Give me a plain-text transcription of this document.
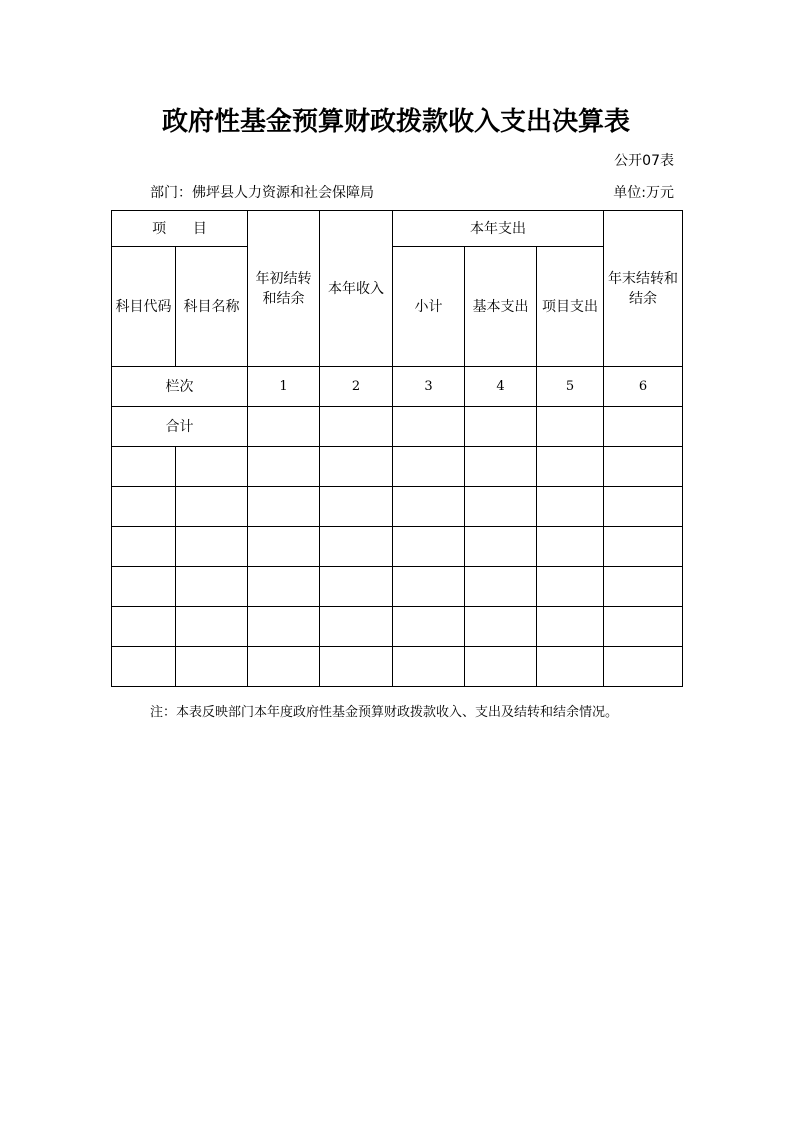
政府性基金预算财政拨款收入支出决算表
公开07表
部门：佛坪县人力资源和社会保障局	单位:万元
项      目		年初结转和结余	本年收入	本年支出			年末结转和结余
科目代码	科目名称			小计	基本支出	项目支出	
栏次		1	2	3	4	5	6
合计							

注：本表反映部门本年度政府性基金预算财政拨款收入、支出及结转和结余情况。
